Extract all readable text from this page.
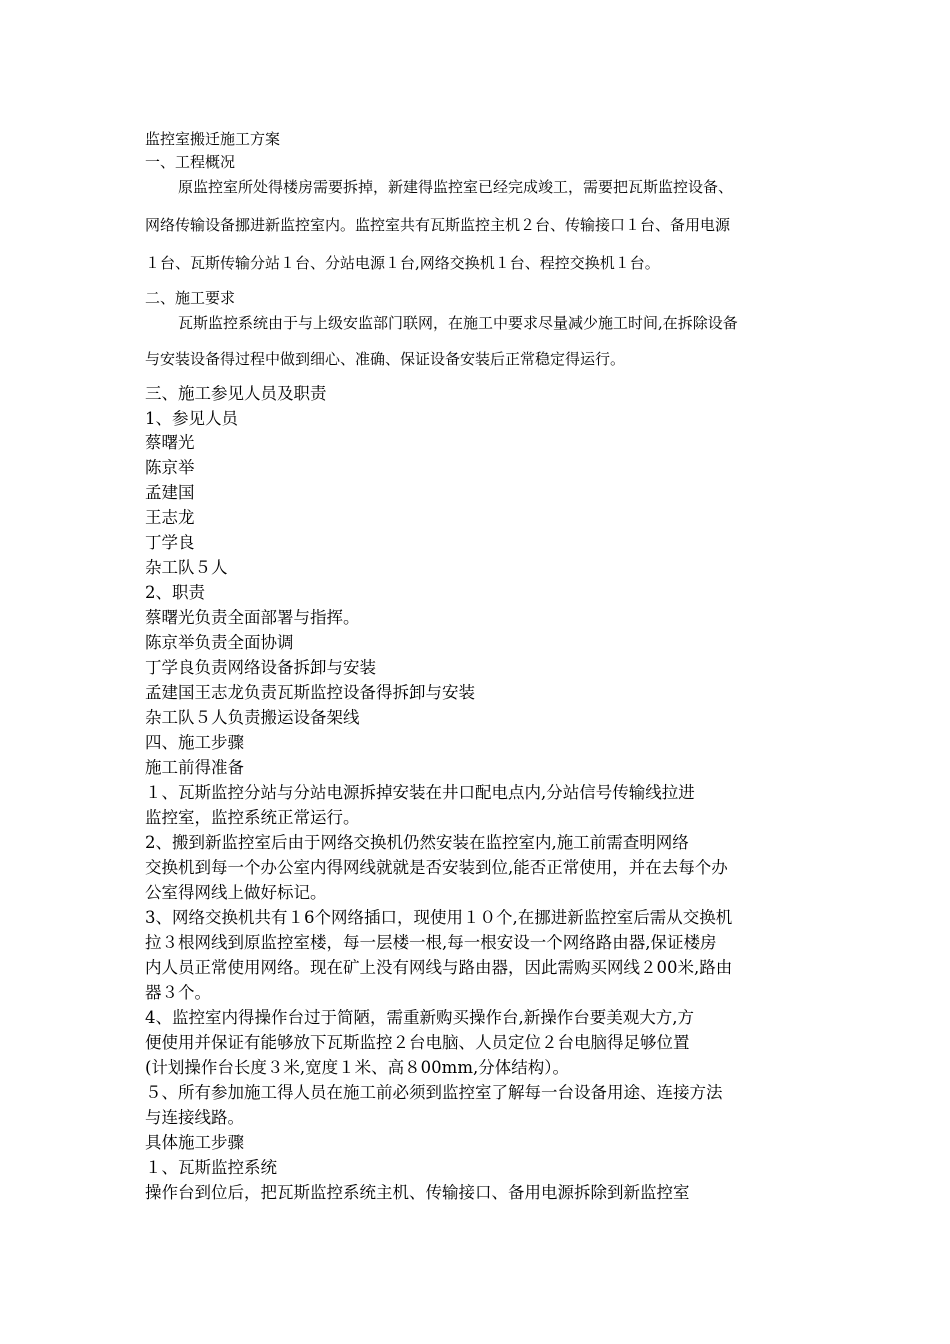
监控室搬迁施工方案

一、工程概况

原监控室所处得楼房需要拆掉，新建得监控室已经完成竣工，需要把瓦斯监控设备、

网络传输设备挪进新监控室内。监控室共有瓦斯监控主机２台、传输接口１台、备用电源

１台、瓦斯传输分站１台、分站电源１台,网络交换机１台、程控交换机１台。

二、施工要求

瓦斯监控系统由于与上级安监部门联网，在施工中要求尽量减少施工时间,在拆除设备

与安装设备得过程中做到细心、准确、保证设备安装后正常稳定得运行。

三、施工参见人员及职责

1、参见人员

蔡曙光

陈京举

孟建国

王志龙

丁学良

杂工队５人

2、职责

蔡曙光负责全面部署与指挥。

陈京举负责全面协调

丁学良负责网络设备拆卸与安装

孟建国王志龙负责瓦斯监控设备得拆卸与安装

杂工队５人负责搬运设备架线

四、施工步骤

施工前得准备

１、瓦斯监控分站与分站电源拆掉安装在井口配电点内,分站信号传输线拉进

监控室，监控系统正常运行。

2、搬到新监控室后由于网络交换机仍然安装在监控室内,施工前需查明网络

交换机到每一个办公室内得网线就就是否安装到位,能否正常使用，并在去每个办

公室得网线上做好标记。

3、网络交换机共有１6个网络插口，现使用１０个,在挪进新监控室后需从交换机

拉３根网线到原监控室楼，每一层楼一根,每一根安设一个网络路由器,保证楼房

内人员正常使用网络。现在矿上没有网线与路由器，因此需购买网线２00米,路由

器３个。

4、监控室内得操作台过于简陋，需重新购买操作台,新操作台要美观大方,方

便使用并保证有能够放下瓦斯监控２台电脑、人员定位２台电脑得足够位置

(计划操作台长度３米,宽度１米、高８00mm,分体结构）。

５、所有参加施工得人员在施工前必须到监控室了解每一台设备用途、连接方法

与连接线路。

具体施工步骤

１、瓦斯监控系统

操作台到位后，把瓦斯监控系统主机、传输接口、备用电源拆除到新监控室
